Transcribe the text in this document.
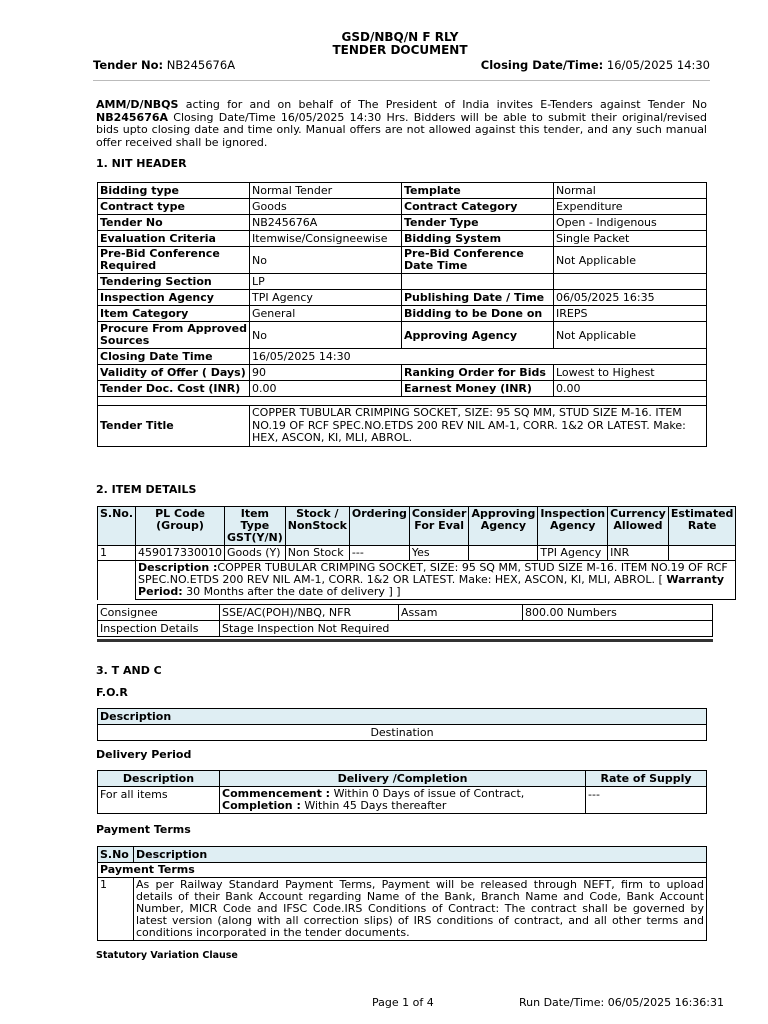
GSD/NBQ/N F RLY
TENDER DOCUMENT
Tender No: NB245676A	Closing Date/Time: 16/05/2025 14:30
AMM/D/NBQS acting for and on behalf of The President of India invites E-Tenders against Tender No NB245676A Closing Date/Time 16/05/2025 14:30 Hrs. Bidders will be able to submit their original/revised bids upto closing date and time only. Manual offers are not allowed against this tender, and any such manual offer received shall be ignored.
1. NIT HEADER
Bidding type	Normal Tender	Template	Normal
Contract type	Goods	Contract Category	Expenditure
Tender No	NB245676A	Tender Type	Open - Indigenous
Evaluation Criteria	Itemwise/Consigneewise	Bidding System	Single Packet
Pre-Bid Conference Required	No	Pre-Bid Conference Date Time	Not Applicable
Tendering Section	LP		
Inspection Agency	TPI Agency	Publishing Date / Time	06/05/2025 16:35
Item Category	General	Bidding to be Done on	IREPS
Procure From Approved Sources	No	Approving Agency	Not Applicable
Closing Date Time	16/05/2025 14:30		
Validity of Offer ( Days)	90	Ranking Order for Bids	Lowest to Highest
Tender Doc. Cost (INR)	0.00	Earnest Money (INR)	0.00

Tender Title	COPPER TUBULAR CRIMPING SOCKET, SIZE: 95 SQ MM, STUD SIZE M-16. ITEM NO.19 OF RCF SPEC.NO.ETDS 200 REV NIL AM-1, CORR. 1&2 OR LATEST. Make: HEX, ASCON, KI, MLI, ABROL.		
2. ITEM DETAILS
S.No.	PL Code (Group)	Item Type GST(Y/N)	Stock / NonStock	Ordering	Consider For Eval	Approving Agency	Inspection Agency	Currency Allowed	Estimated Rate
1	459017330010	Goods (Y)	Non Stock	---	Yes		TPI Agency	INR	
	Description :COPPER TUBULAR CRIMPING SOCKET, SIZE: 95 SQ MM, STUD SIZE M-16. ITEM NO.19 OF RCF SPEC.NO.ETDS 200 REV NIL AM-1, CORR. 1&2 OR LATEST. Make: HEX, ASCON, KI, MLI, ABROL. [ Warranty Period: 30 Months after the date of delivery ] ]								
Consignee	SSE/AC(POH)/NBQ, NFR	Assam	800.00 Numbers
Inspection Details	Stage Inspection Not Required		
3. T AND C
F.O.R
Description
Destination
Delivery Period
Description	Delivery /Completion	Rate of Supply
For all items	Commencement : Within 0 Days of issue of Contract, Completion : Within 45 Days thereafter	---
Payment Terms
S.No	Description
Payment Terms	
1	As per Railway Standard Payment Terms, Payment will be released through NEFT, firm to upload details of their Bank Account regarding Name of the Bank, Branch Name and Code, Bank Account Number, MICR Code and IFSC Code.IRS Conditions of Contract: The contract shall be governed by latest version (along with all correction slips) of IRS conditions of contract, and all other terms and conditions incorporated in the tender documents.
Statutory Variation Clause
Page 1 of 4	Run Date/Time: 06/05/2025 16:36:31
